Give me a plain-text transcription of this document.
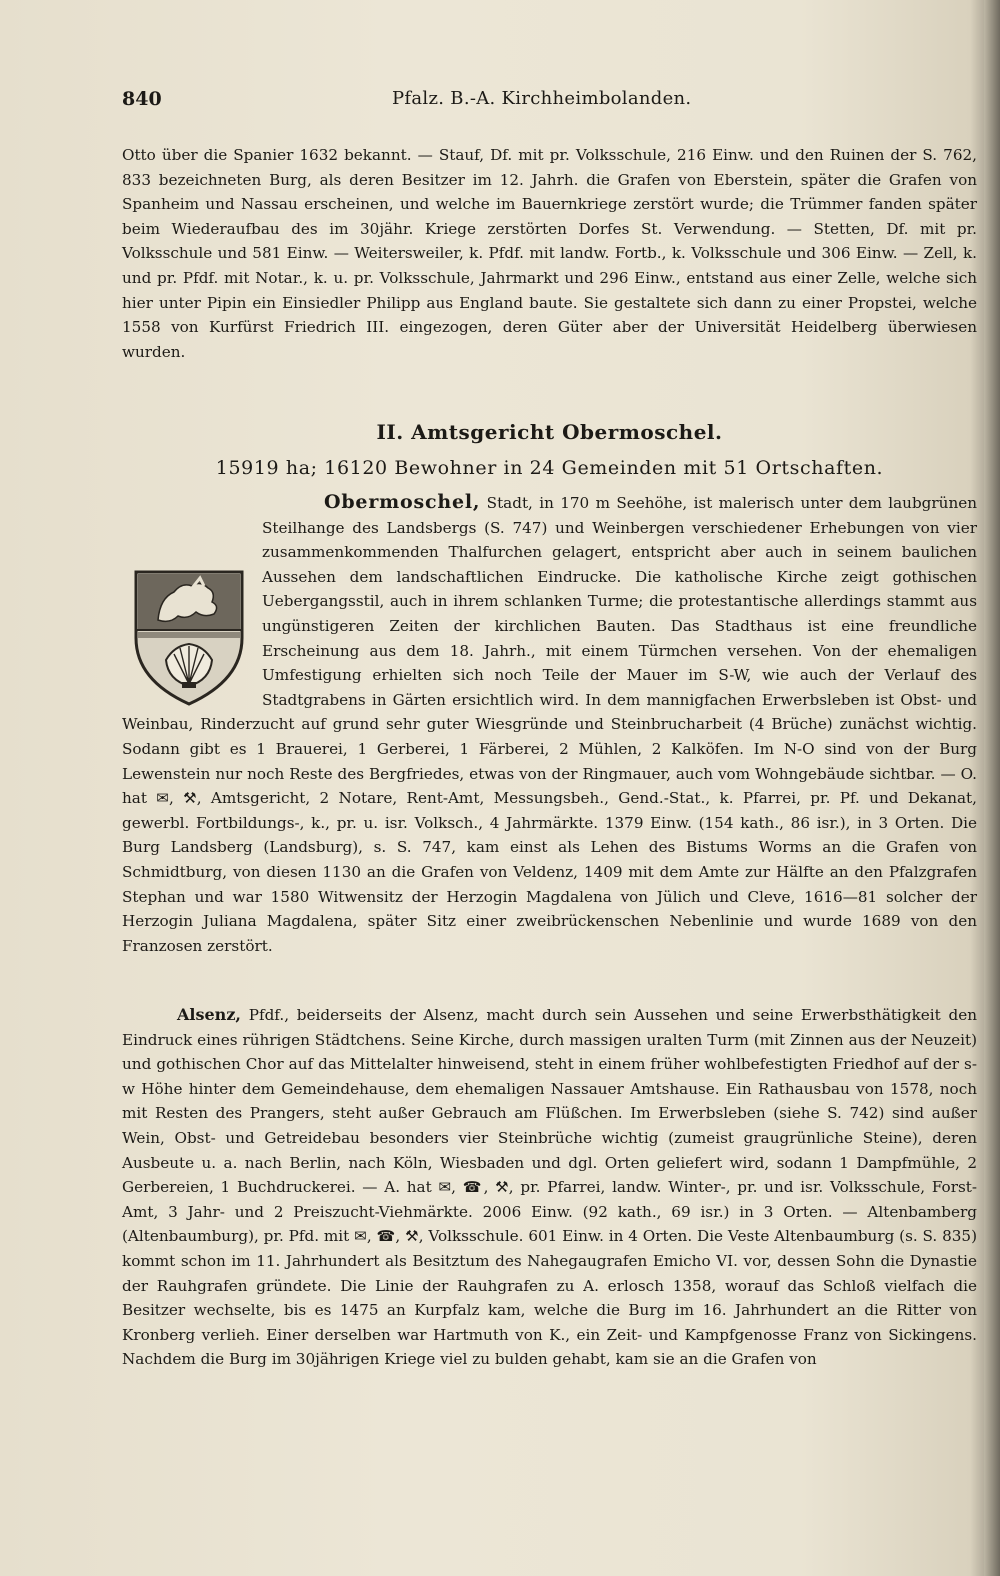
840	Pfalz. B.-A. Kirchheimbolanden.

Otto über die Spanier 1632 bekannt. — Stauf, Df. mit pr. Volksschule, 216 Einw. und den Ruinen der S. 762, 833 bezeichneten Burg, als deren Besitzer im 12. Jahrh. die Grafen von Eberstein, später die Grafen von Spanheim und Nassau erscheinen, und welche im Bauernkriege zerstört wurde; die Trümmer fanden später beim Wiederaufbau des im 30jähr. Kriege zerstörten Dorfes St. Verwendung. — Stetten, Df. mit pr. Volksschule und 581 Einw. — Weitersweiler, k. Pfdf. mit landw. Fortb., k. Volksschule und 306 Einw. — Zell, k. und pr. Pfdf. mit Notar., k. u. pr. Volksschule, Jahrmarkt und 296 Einw., entstand aus einer Zelle, welche sich hier unter Pipin ein Einsiedler Philipp aus England baute. Sie gestaltete sich dann zu einer Propstei, welche 1558 von Kurfürst Friedrich III. eingezogen, deren Güter aber der Universität Heidelberg überwiesen wurden.

II. Amtsgericht Obermoschel.
15919 ha; 16120 Bewohner in 24 Gemeinden mit 51 Ortschaften.

Obermoschel, Stadt, in 170 m Seehöhe, ist malerisch unter dem laubgrünen Steilhange des Landsbergs (S. 747) und Weinbergen verschiedener Erhebungen von vier zusammenkommenden Thalfurchen gelagert, entspricht aber auch in seinem baulichen Aussehen dem landschaftlichen Eindrucke. Die katholische Kirche zeigt gothischen Uebergangsstil, auch in ihrem schlanken Turme; die protestantische allerdings stammt aus ungünstigeren Zeiten der kirchlichen Bauten. Das Stadthaus ist eine freundliche Erscheinung aus dem 18. Jahrh., mit einem Türmchen versehen. Von der ehemaligen Umfestigung erhielten sich noch Teile der Mauer im S-W, wie auch der Verlauf des Stadtgrabens in Gärten ersichtlich wird. In dem mannigfachen Erwerbsleben ist Obst- und Weinbau, Rinderzucht auf grund sehr guter Wiesgründe und Steinbrucharbeit (4 Brüche) zunächst wichtig. Sodann gibt es 1 Brauerei, 1 Gerberei, 1 Färberei, 2 Mühlen, 2 Kalköfen. Im N-O sind von der Burg Lewenstein nur noch Reste des Bergfriedes, etwas von der Ringmauer, auch vom Wohngebäude sichtbar. — O. hat ✉, ⚒, Amtsgericht, 2 Notare, Rent-Amt, Messungsbeh., Gend.-Stat., k. Pfarrei, pr. Pf. und Dekanat, gewerbl. Fortbildungs-, k., pr. u. isr. Volksch., 4 Jahrmärkte. 1379 Einw. (154 kath., 86 isr.), in 3 Orten. Die Burg Landsberg (Landsburg), s. S. 747, kam einst als Lehen des Bistums Worms an die Grafen von Schmidtburg, von diesen 1130 an die Grafen von Veldenz, 1409 mit dem Amte zur Hälfte an den Pfalzgrafen Stephan und war 1580 Witwensitz der Herzogin Magdalena von Jülich und Cleve, 1616—81 solcher der Herzogin Juliana Magdalena, später Sitz einer zweibrückenschen Nebenlinie und wurde 1689 von den Franzosen zerstört.

Alsenz, Pfdf., beiderseits der Alsenz, macht durch sein Aussehen und seine Erwerbsthätigkeit den Eindruck eines rührigen Städtchens. Seine Kirche, durch massigen uralten Turm (mit Zinnen aus der Neuzeit) und gothischen Chor auf das Mittelalter hinweisend, steht in einem früher wohlbefestigten Friedhof auf der s-w Höhe hinter dem Gemeindehause, dem ehemaligen Nassauer Amtshause. Ein Rathausbau von 1578, noch mit Resten des Prangers, steht außer Gebrauch am Flüßchen. Im Erwerbsleben (siehe S. 742) sind außer Wein, Obst- und Getreidebau besonders vier Steinbrüche wichtig (zumeist graugrünliche Steine), deren Ausbeute u. a. nach Berlin, nach Köln, Wiesbaden und dgl. Orten geliefert wird, sodann 1 Dampfmühle, 2 Gerbereien, 1 Buchdruckerei. — A. hat ✉, ☎, ⚒, pr. Pfarrei, landw. Winter-, pr. und isr. Volksschule, Forst-Amt, 3 Jahr- und 2 Preiszucht-Viehmärkte. 2006 Einw. (92 kath., 69 isr.) in 3 Orten. — Altenbamberg (Altenbaumburg), pr. Pfd. mit ✉, ☎, ⚒, Volksschule. 601 Einw. in 4 Orten. Die Veste Altenbaumburg (s. S. 835) kommt schon im 11. Jahrhundert als Besitztum des Nahegaugrafen Emicho VI. vor, dessen Sohn die Dynastie der Rauhgrafen gründete. Die Linie der Rauhgrafen zu A. erlosch 1358, worauf das Schloß vielfach die Besitzer wechselte, bis es 1475 an Kurpfalz kam, welche die Burg im 16. Jahrhundert an die Ritter von Kronberg verlieh. Einer derselben war Hartmuth von K., ein Zeit- und Kampfgenosse Franz von Sickingens. Nachdem die Burg im 30jährigen Kriege viel zu bulden gehabt, kam sie an die Grafen von
